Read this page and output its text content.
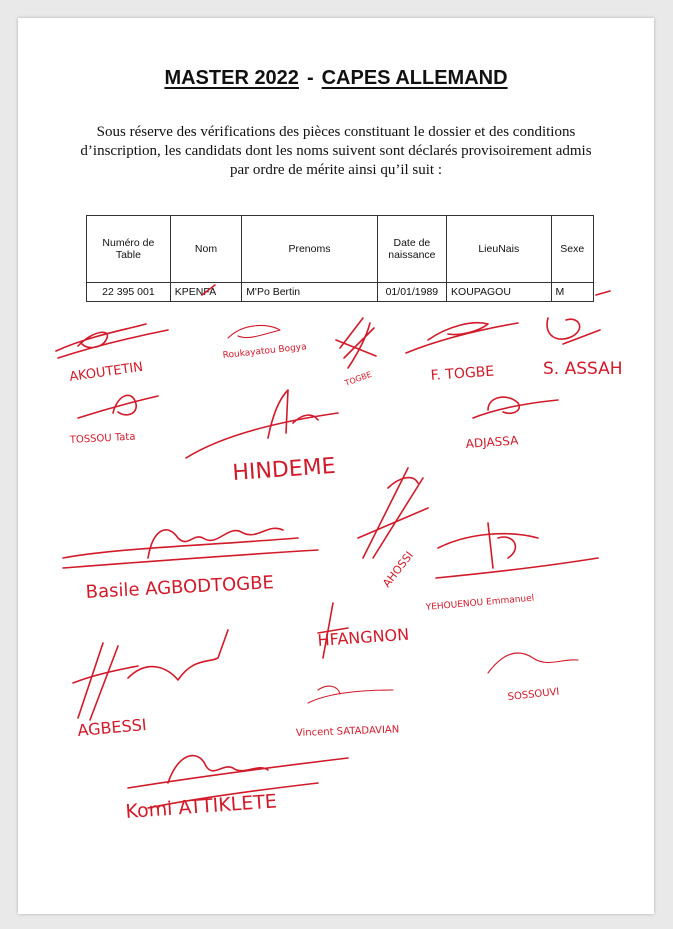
MASTER 2022 - CAPES ALLEMAND
Sous réserve des vérifications des pièces constituant le dossier et des conditions d’inscription, les candidats dont les noms suivent sont déclarés provisoirement admis par ordre de mérite ainsi qu’il suit :
Numéro de Table	Nom	Prenoms	Date de naissance	LieuNais	Sexe
22 395 001	KPENFA	M'Po Bertin	01/01/1989	KOUPAGOU	M
AKOUTETIN
Roukayatou Bogya
TOGBE	F. TOGBE	S. ASSAH
TOSSOU Tata
HINDEME
ADJASSA
AHOSSI
Basile AGBODTOGBE
YEHOUENOU Emmanuel
HFANGNON
SOSSOUVI
AGBESSI	Vincent SATADAVIAN
Komi ATTIKLETE
